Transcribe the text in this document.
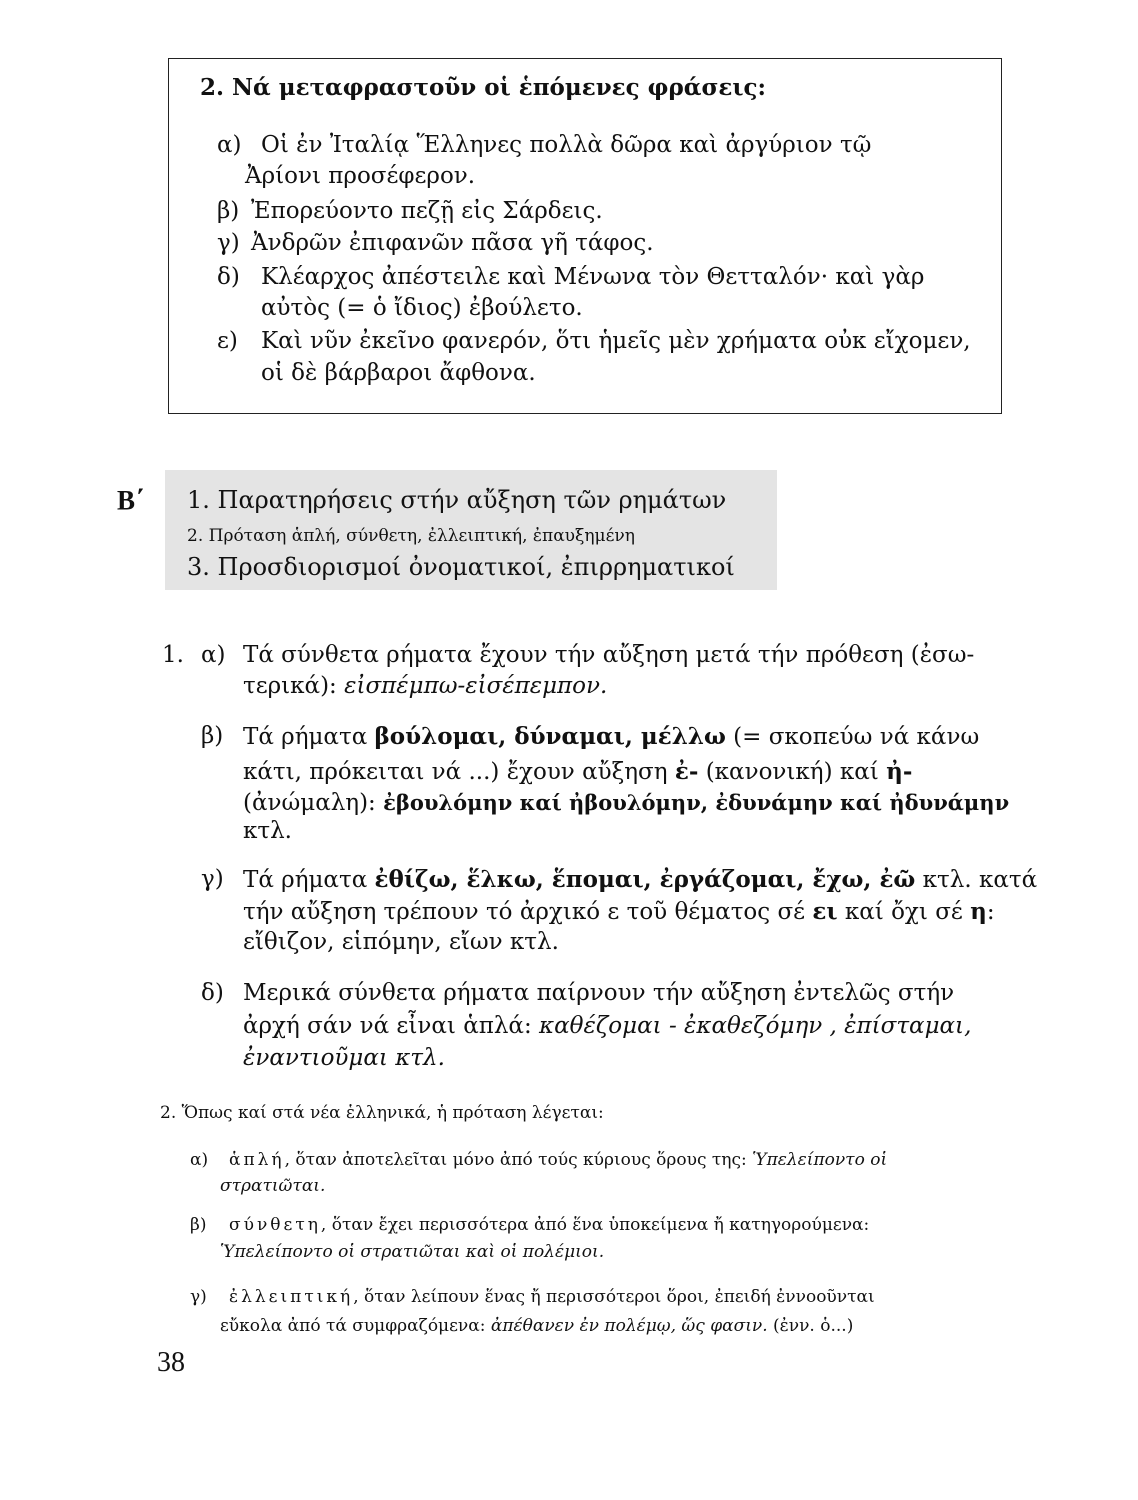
2. Νά μεταφραστοῦν οἱ ἑπόμενες φράσεις:
α) Οἱ ἐν Ἰταλίᾳ Ἕλληνες πολλὰ δῶρα καὶ ἀργύριον τῷ
Ἀρίονι προσέφερον.
β) Ἐπορεύοντο πεζῇ εἰς Σάρδεις.
γ) Ἀνδρῶν ἐπιφανῶν πᾶσα γῆ τάφος.
δ) Κλέαρχος ἀπέστειλε καὶ Μένωνα τὸν Θετταλόν· καὶ γὰρ
αὐτὸς (= ὁ ἴδιος) ἐβούλετο.
ε) Καὶ νῦν ἐκεῖνο φανερόν, ὅτι ἡμεῖς μὲν χρήματα οὐκ εἴχομεν,
οἱ δὲ βάρβαροι ἄφθονα.
Β΄ 1. Παρατηρήσεις στήν αὔξηση τῶν ρημάτων
2. Πρόταση ἁπλή, σύνθετη, ἐλλειπτική, ἐπαυξημένη
3. Προσδιορισμοί ὀνοματικοί, ἐπιρρηματικοί
1. α) Τά σύνθετα ρήματα ἔχουν τήν αὔξηση μετά τήν πρόθεση (ἐσω-
τερικά): εἰσπέμπω-εἰσέπεμπον.
β) Τά ρήματα βούλομαι, δύναμαι, μέλλω (= σκοπεύω νά κάνω
κάτι, πρόκειται νά ...) ἔχουν αὔξηση ἐ- (κανονική) καί ἠ-
(ἀνώμαλη): ἐβουλόμην καί ἠβουλόμην, ἐδυνάμην καί ἠδυνάμην
κτλ.
γ) Τά ρήματα ἐθίζω, ἕλκω, ἕπομαι, ἐργάζομαι, ἔχω, ἐῶ κτλ. κατά
τήν αὔξηση τρέπουν τό ἀρχικό ε τοῦ θέματος σέ ει καί ὄχι σέ η:
εἴθιζον, εἱπόμην, εἴων κτλ.
δ) Μερικά σύνθετα ρήματα παίρνουν τήν αὔξηση ἐντελῶς στήν
ἀρχή σάν νά εἶναι ἁπλά: καθέζομαι - ἐκαθεζόμην , ἐπίσταμαι,
ἐναντιοῦμαι κτλ.
2. Ὅπως καί στά νέα ἑλληνικά, ἡ πρόταση λέγεται:
α) ἁπλή, ὅταν ἀποτελεῖται μόνο ἀπό τούς κύριους ὅρους της: Ὑπελείποντο οἱ
στρατιῶται.
β) σύνθετη, ὅταν ἔχει περισσότερα ἀπό ἕνα ὑποκείμενα ἤ κατηγορούμενα:
Ὑπελείποντο οἱ στρατιῶται καὶ οἱ πολέμιοι.
γ) ἐλλειπτική, ὅταν λείπουν ἕνας ἤ περισσότεροι ὅροι, ἐπειδή ἐννοοῦνται
εὔκολα ἀπό τά συμφραζόμενα: ἀπέθανεν ἐν πολέμῳ, ὥς φασιν. (ἐνν. ὁ...)
38
